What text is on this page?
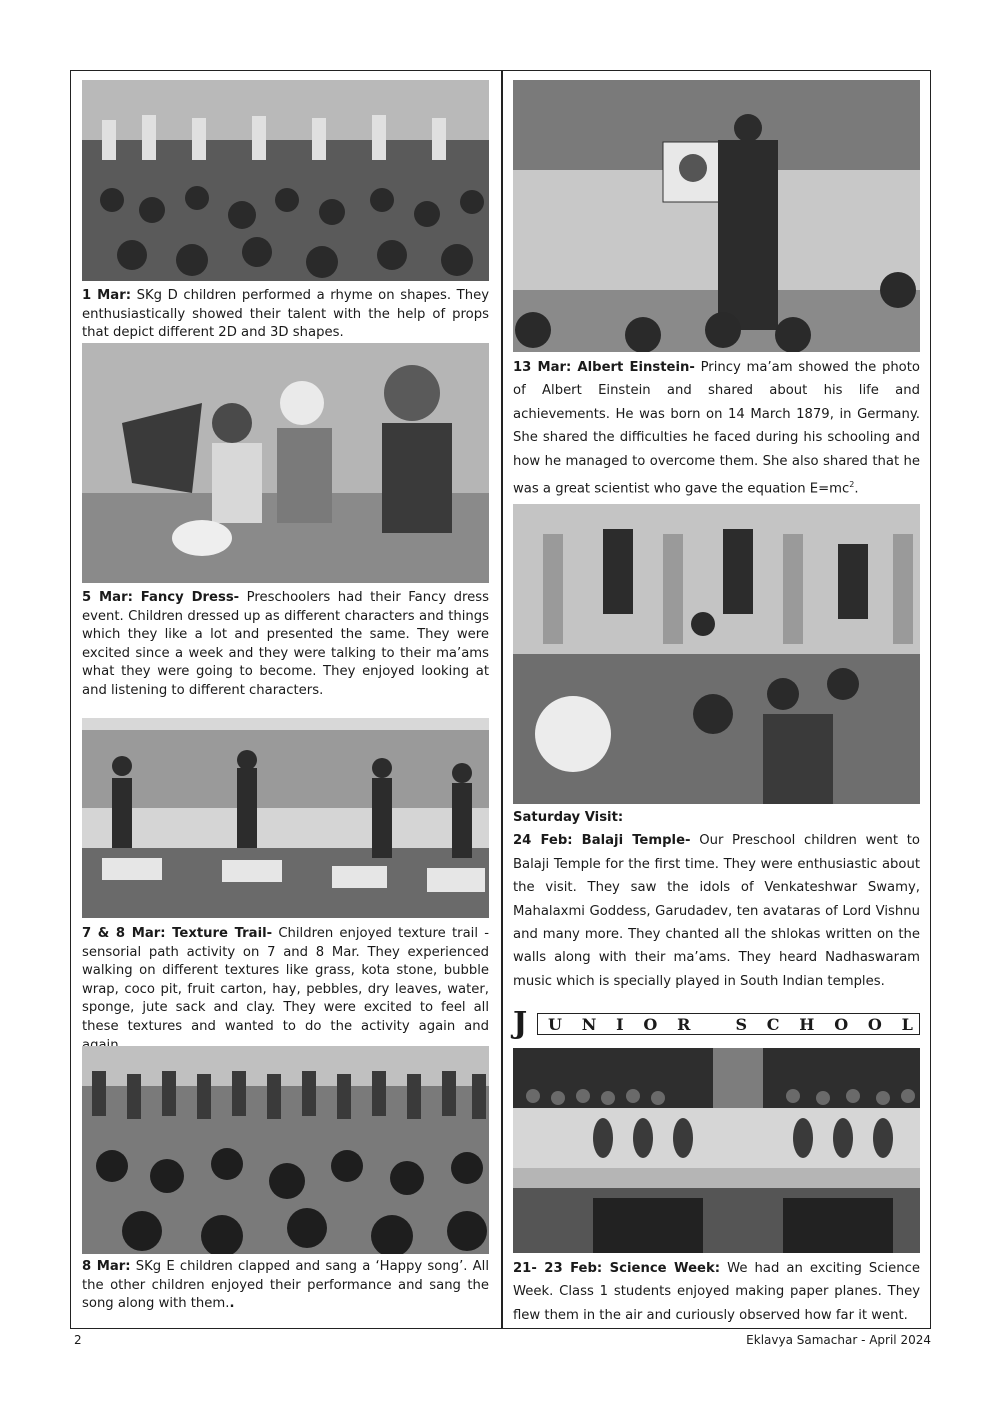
1 Mar: SKg D children performed a rhyme on shapes. They enthusiastically showed their talent with the help of props that depict different 2D and 3D shapes.

5 Mar: Fancy Dress- Preschoolers had their Fancy dress event. Children dressed up as different characters and things which they like a lot and presented the same. They were excited since a week and they were talking to their ma’ams what they were going to become. They enjoyed looking at and listening to different characters.

7 & 8 Mar: Texture Trail- Children enjoyed texture trail - sensorial path activity on 7 and 8 Mar. They experienced walking on different textures like grass, kota stone, bubble wrap, coco pit, fruit carton, hay, pebbles, dry leaves, water, sponge, jute sack and clay. They were excited to feel all these textures and wanted to do the activity again and

8 Mar: SKg E children clapped and sang a ‘Happy song’. All the other children enjoyed their performance and sang the song along with them..

13 Mar: Albert Einstein- Princy ma’am showed the photo of Albert Einstein and shared about his life and achievements. He was born on 14 March 1879, in Germany. She shared the difficulties he faced during his schooling and how he managed to overcome them. She also shared that he was a great scientist who gave the equation $E=mc^2$.

Saturday Visit:
24 Feb: Balaji Temple- Our Preschool children went to Balaji Temple for the first time. They were enthusiastic about the visit. They saw the idols of Venkateshwar Swamy, Mahalaxmi Goddess, Garudadev, ten avataras of Lord Vishnu and many more. They chanted all the shlokas written on the walls along with their ma’ams. They heard Nadhaswaram music which is specially played in South Indian temples.

J U N I O R
	S C H O O L

21- 23 Feb: Science Week: We had an exciting Science Week. Class 1 students enjoyed making paper planes. They flew them in the air and curiously observed how far it went.

2	Eklavya Samachar - April 2024
